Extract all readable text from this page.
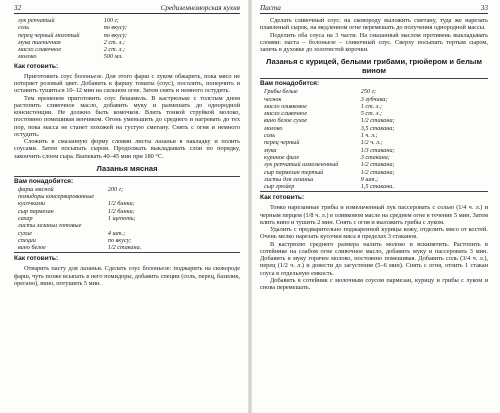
32	Средиземноморская кухня
лук репчатый	100 г;
соль	по вкусу;
перец черный молотый	по вкусу;
мука пшеничная	2 ст. л.;
масло сливочное	2 ст. л.;
молоко	500 мл.
Как готовить:

Приготовить соус болоньезе. Для этого фарш с луком обжарить, пока мясо не потеряет розовый цвет. Добавить к фаршу томаты (соус), посолить, поперчить и оставить тушиться 10–12 мин на сильном огне. Затем снять и немного остудить.

Тем временем приготовить соус бешамель. В кастрюльке с толстым дном растопить сливочное масло, добавить муку и размешать до однородной консистенции. Не должно быть комочков. Влить тонкой струйкой молоко, постоянно помешивая венчиком. Огонь уменьшить до среднего и нагревать до тех пор, пока масса не станет похожей на густую сметану. Снять с огня и немного остудить.

Сложить в смазанную форму слоями листы лазаньи в накладку и полить соусами. Затем посыпать сыром. Продолжать выкладывать слои по порядку, закончить слоем сыра. Выпекать 40–45 мин при 180 °С.

Лазанья мясная
Вам понадобится:
фарш мясной	200 г;
помидоры консервированные	
кусочками	1/2 банки;
сыр пармезан	1/2 банки;
сахар	1 щепоть;
листы лазаньи готовые	
сухие	4 шт.;
специи	по вкусу;
вино белое	1/2 стакана.
Как готовить:

Отварить пасту для лазаньи. Сделать соус болоньезе: поджарить на сковороде фарш, чуть позже всыпать в него помидоры, добавить специи (соль, перец, базилик, орегано), вино, потушить 5 мин.

Паста	33

Сделать сливочный соус: на сковороду выложить сметану, туда же нарезать плавленый сырок, на медленном огне перемешать до получения однородной массы.

Поделить оба соуса на 3 части. На смазанный маслом противень выкладывать слоями: паста – болоньезе – сливочный соус. Сверху посыпать тертым сыром, запечь в духовке до золотистой корочки.

Лазанья с курицей, белыми грибами, грюйером и белым вином
Вам понадобится:
Грибы белые	250 г;
чеснок	3 зубчика;
масло оливковое	1 ст. л.;
масло сливочное	5 ст. л.;
вино белое сухое	1/2 стакана;
молоко	3,5 стакана;
соль	1 ч. л.;
перец черный	1/2 ч. л.;
мука	1/3 стакана;
куриное филе	3 стакана;
лук репчатый измельченный	1/2 стакана;
сыр пармезан тертый	1/2 стакана;
листы для лазаньи	9 шт.;
сыр грюйер	1,5 стакана.
Как готовить:

Тонко нарезанные грибы и измельченный лук пассеровать с солью (1/4 ч. л.) и черным перцем (1/8 ч. л.) в оливковом масле на среднем огне в течение 5 мин. Затем влить вино и тушить 2 мин. Снять с огня и выложить грибы с луком.

Удалить с предварительно поджаренной курицы кожу, отделить мясо от костей. Очень мелко нарезать кусочки мяса в пределах 3 стаканов.

В кастрюлю среднего размера налить молоко и вскипятить. Растопить в сотейнике на слабом огне сливочное масло, добавить муку и пассеровать 3 мин. Добавить в муку горячее молоко, постоянно помешивая. Добавить соль (3/4 ч. л.), перец (1/2 ч. л.) и довести до загустения (5–6 мин). Снять с огня, отлить 1 стакан соуса в отдельную емкость.

Добавить в сотейник с молочным соусом пармезан, курицу и грибы с луком и снова перемешать.
